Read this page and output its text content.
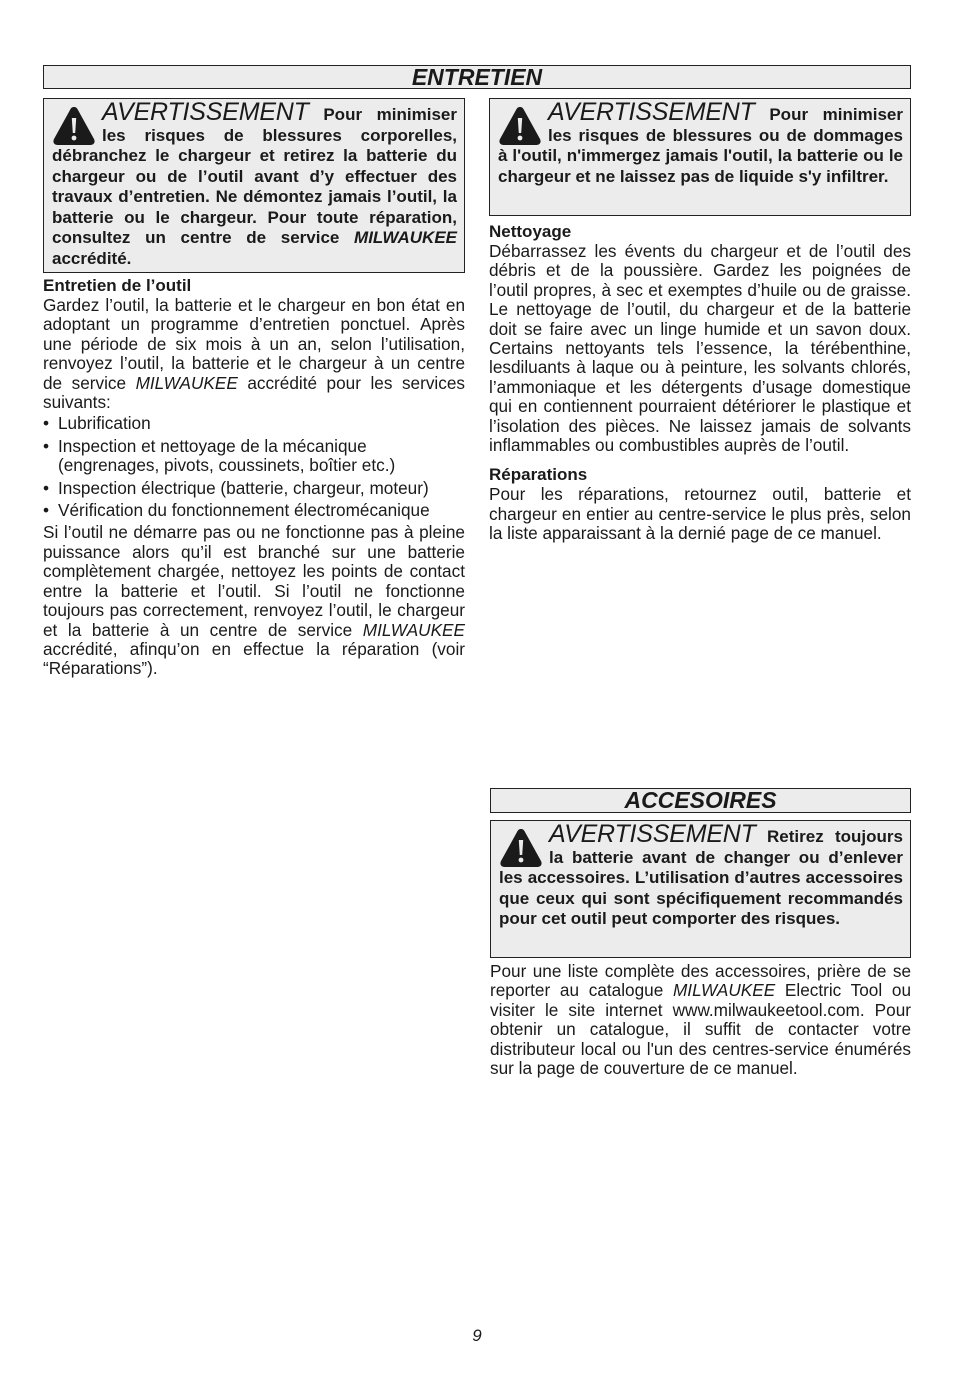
ENTRETIEN
AVERTISSEMENT Pour minimiser les risques de blessures corporelles, débranchez le chargeur et retirez la batterie du chargeur ou de l’outil avant d’y effectuer des travaux d’entretien. Ne démontez jamais l’outil, la batterie ou le chargeur. Pour toute réparation, consultez un centre de service MILWAUKEE accrédité.
AVERTISSEMENT Pour minimiser les risques de blessures ou de dommages à l'outil, n'immergez jamais l'outil, la batterie ou le chargeur et ne laissez pas de liquide s'y infiltrer.
Entretien de l’outil

Gardez l’outil, la batterie et le chargeur en bon état en adoptant un programme d’entretien ponctuel. Après une période de six mois à un an, selon l’utilisation, renvoyez l’outil, la batterie et le chargeur à un centre de service MILWAUKEE accrédité pour les services suivants:

• Lubrification
• Inspection et nettoyage de la mécanique (engrenages, pivots, coussinets, boîtier etc.)
• Inspection électrique (batterie, chargeur, moteur)
• Vérification du fonctionnement électromécanique

Si l’outil ne démarre pas ou ne fonctionne pas à pleine puissance alors qu’il est branché sur une batterie complètement chargée, nettoyez les points de contact entre la batterie et l’outil. Si l’outil ne fonctionne toujours pas correctement, renvoyez l’outil, le chargeur et la batterie à un centre de service MILWAUKEE accrédité, afinqu’on en effectue la réparation (voir “Réparations”).

Nettoyage

Débarrassez les évents du chargeur et de l’outil des débris et de la poussière. Gardez les poignées de l’outil propres, à sec et exemptes d’huile ou de graisse. Le nettoyage de l’outil, du chargeur et de la batterie doit se faire avec un linge humide et un savon doux. Certains nettoyants tels l’essence, la térébenthine, lesdiluants à laque ou à peinture, les solvants chlorés, l’ammoniaque et les détergents d’usage domestique qui en contiennent pourraient détériorer le plastique et l’isolation des pièces. Ne laissez jamais de solvants inflammables ou combustibles auprès de l’outil.

Réparations

Pour les réparations, retournez outil, batterie et chargeur en entier au centre-service le plus près, selon la liste apparaissant à la dernié page de ce manuel.

ACCESOIRES
AVERTISSEMENT Retirez toujours la batterie avant de changer ou d’enlever les accessoires. L’utilisation d’autres accessoires que ceux qui sont spécifiquement recommandés pour cet outil peut comporter des risques.

Pour une liste complète des accessoires, prière de se reporter au catalogue MILWAUKEE Electric Tool ou visiter le site internet www.milwaukeetool.com. Pour obtenir un catalogue, il suffit de contacter votre distributeur local ou l'un des centres-service énumérés sur la page de couverture de ce manuel.

9
